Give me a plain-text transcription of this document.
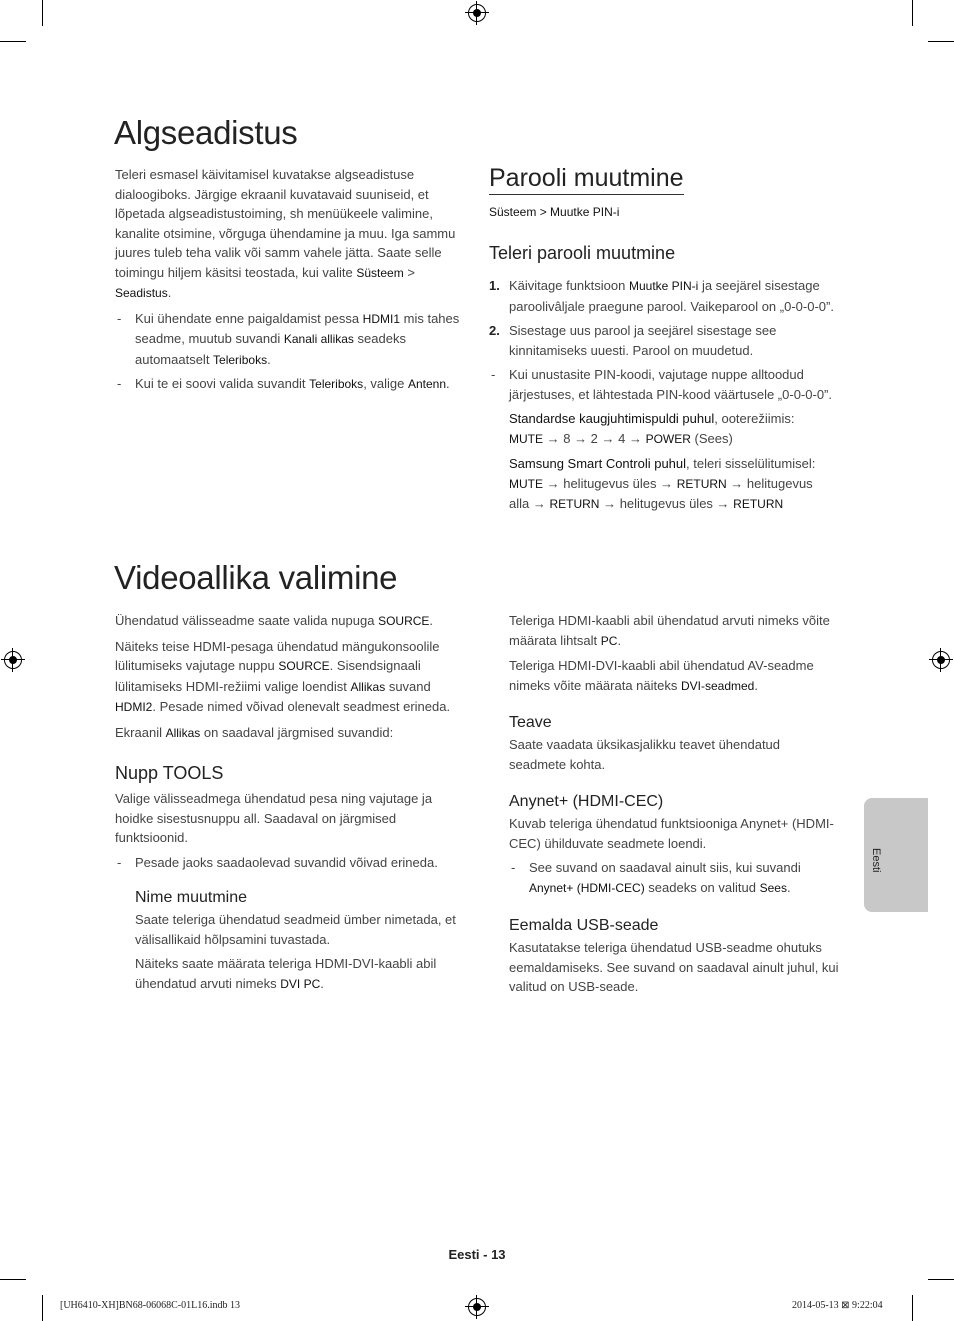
Algseadistus

Teleri esmasel käivitamisel kuvatakse algseadistuse dialoogiboks. Järgige ekraanil kuvatavaid suuniseid, et lõpetada algseadistustoiming, sh menüükeele valimine, kanalite otsimine, võrguga ühendamine ja muu. Iga sammu juures tuleb teha valik või samm vahele jätta. Saate selle toimingu hiljem käsitsi teostada, kui valite Süsteem > Seadistus.

- Kui ühendate enne paigaldamist pessa HDMI1 mis tahes seadme, muutub suvandi Kanali allikas seadeks automaatselt Teleriboks.
- Kui te ei soovi valida suvandit Teleriboks, valige Antenn.
Parooli muutmine
Süsteem > Muutke PIN-i
Teleri parooli muutmine
1. Käivitage funktsioon Muutke PIN-i ja seejärel sisestage paroolivâljale praegune parool. Vaikeparool on „0-0-0-0”.
2. Sisestage uus parool ja seejärel sisestage see kinnitamiseks uuesti. Parool on muudetud.
- Kui unustasite PIN-koodi, vajutage nuppe alltoodud järjestuses, et lähtestada PIN-kood väärtusele „0-0-0-0”.
Standardse kaugjuhtimispuldi puhul, ooterežiimis:
MUTE → 8 → 2 → 4 → POWER (Sees)
Samsung Smart Controli puhul, teleri sisselülitumisel:
MUTE → helitugevus üles → RETURN → helitugevus alla → RETURN → helitugevus üles → RETURN
Videoallika valimine

Ühendatud välisseadme saate valida nupuga SOURCE.

Näiteks teise HDMI-pesaga ühendatud mängukonsoolile lülitumiseks vajutage nuppu SOURCE. Sisendsignaali lülitamiseks HDMI-režiimi valige loendist Allikas suvand HDMI2. Pesade nimed võivad olenevalt seadmest erineda.

Ekraanil Allikas on saadaval järgmised suvandid:

Nupp TOOLS

Valige välisseadmega ühendatud pesa ning vajutage ja hoidke sisestusnuppu all. Saadaval on järgmised funktsioonid.

- Pesade jaoks saadaolevad suvandid võivad erineda.
Nime muutmine

Saate teleriga ühendatud seadmeid ümber nimetada, et välisallikaid hõlpsamini tuvastada.

Näiteks saate määrata teleriga HDMI-DVI-kaabli abil ühendatud arvuti nimeks DVI PC.

Teleriga HDMI-kaabli abil ühendatud arvuti nimeks võite määrata lihtsalt PC.

Teleriga HDMI-DVI-kaabli abil ühendatud AV-seadme nimeks võite määrata näiteks DVI-seadmed.

Teave

Saate vaadata üksikasjalikku teavet ühendatud seadmete kohta.

Anynet+ (HDMI-CEC)

Kuvab teleriga ühendatud funktsiooniga Anynet+ (HDMI-CEC) ühilduvate seadmete loendi.

- See suvand on saadaval ainult siis, kui suvandi Anynet+ (HDMI-CEC) seadeks on valitud Sees.
Eemalda USB-seade

Kasutatakse teleriga ühendatud USB-seadme ohutuks eemaldamiseks. See suvand on saadaval ainult juhul, kui valitud on USB-seade.

Eesti
Eesti - 13
[UH6410-XH]BN68-06068C-01L16.indb 13	2014-05-13 ⊠ 9:22:04
